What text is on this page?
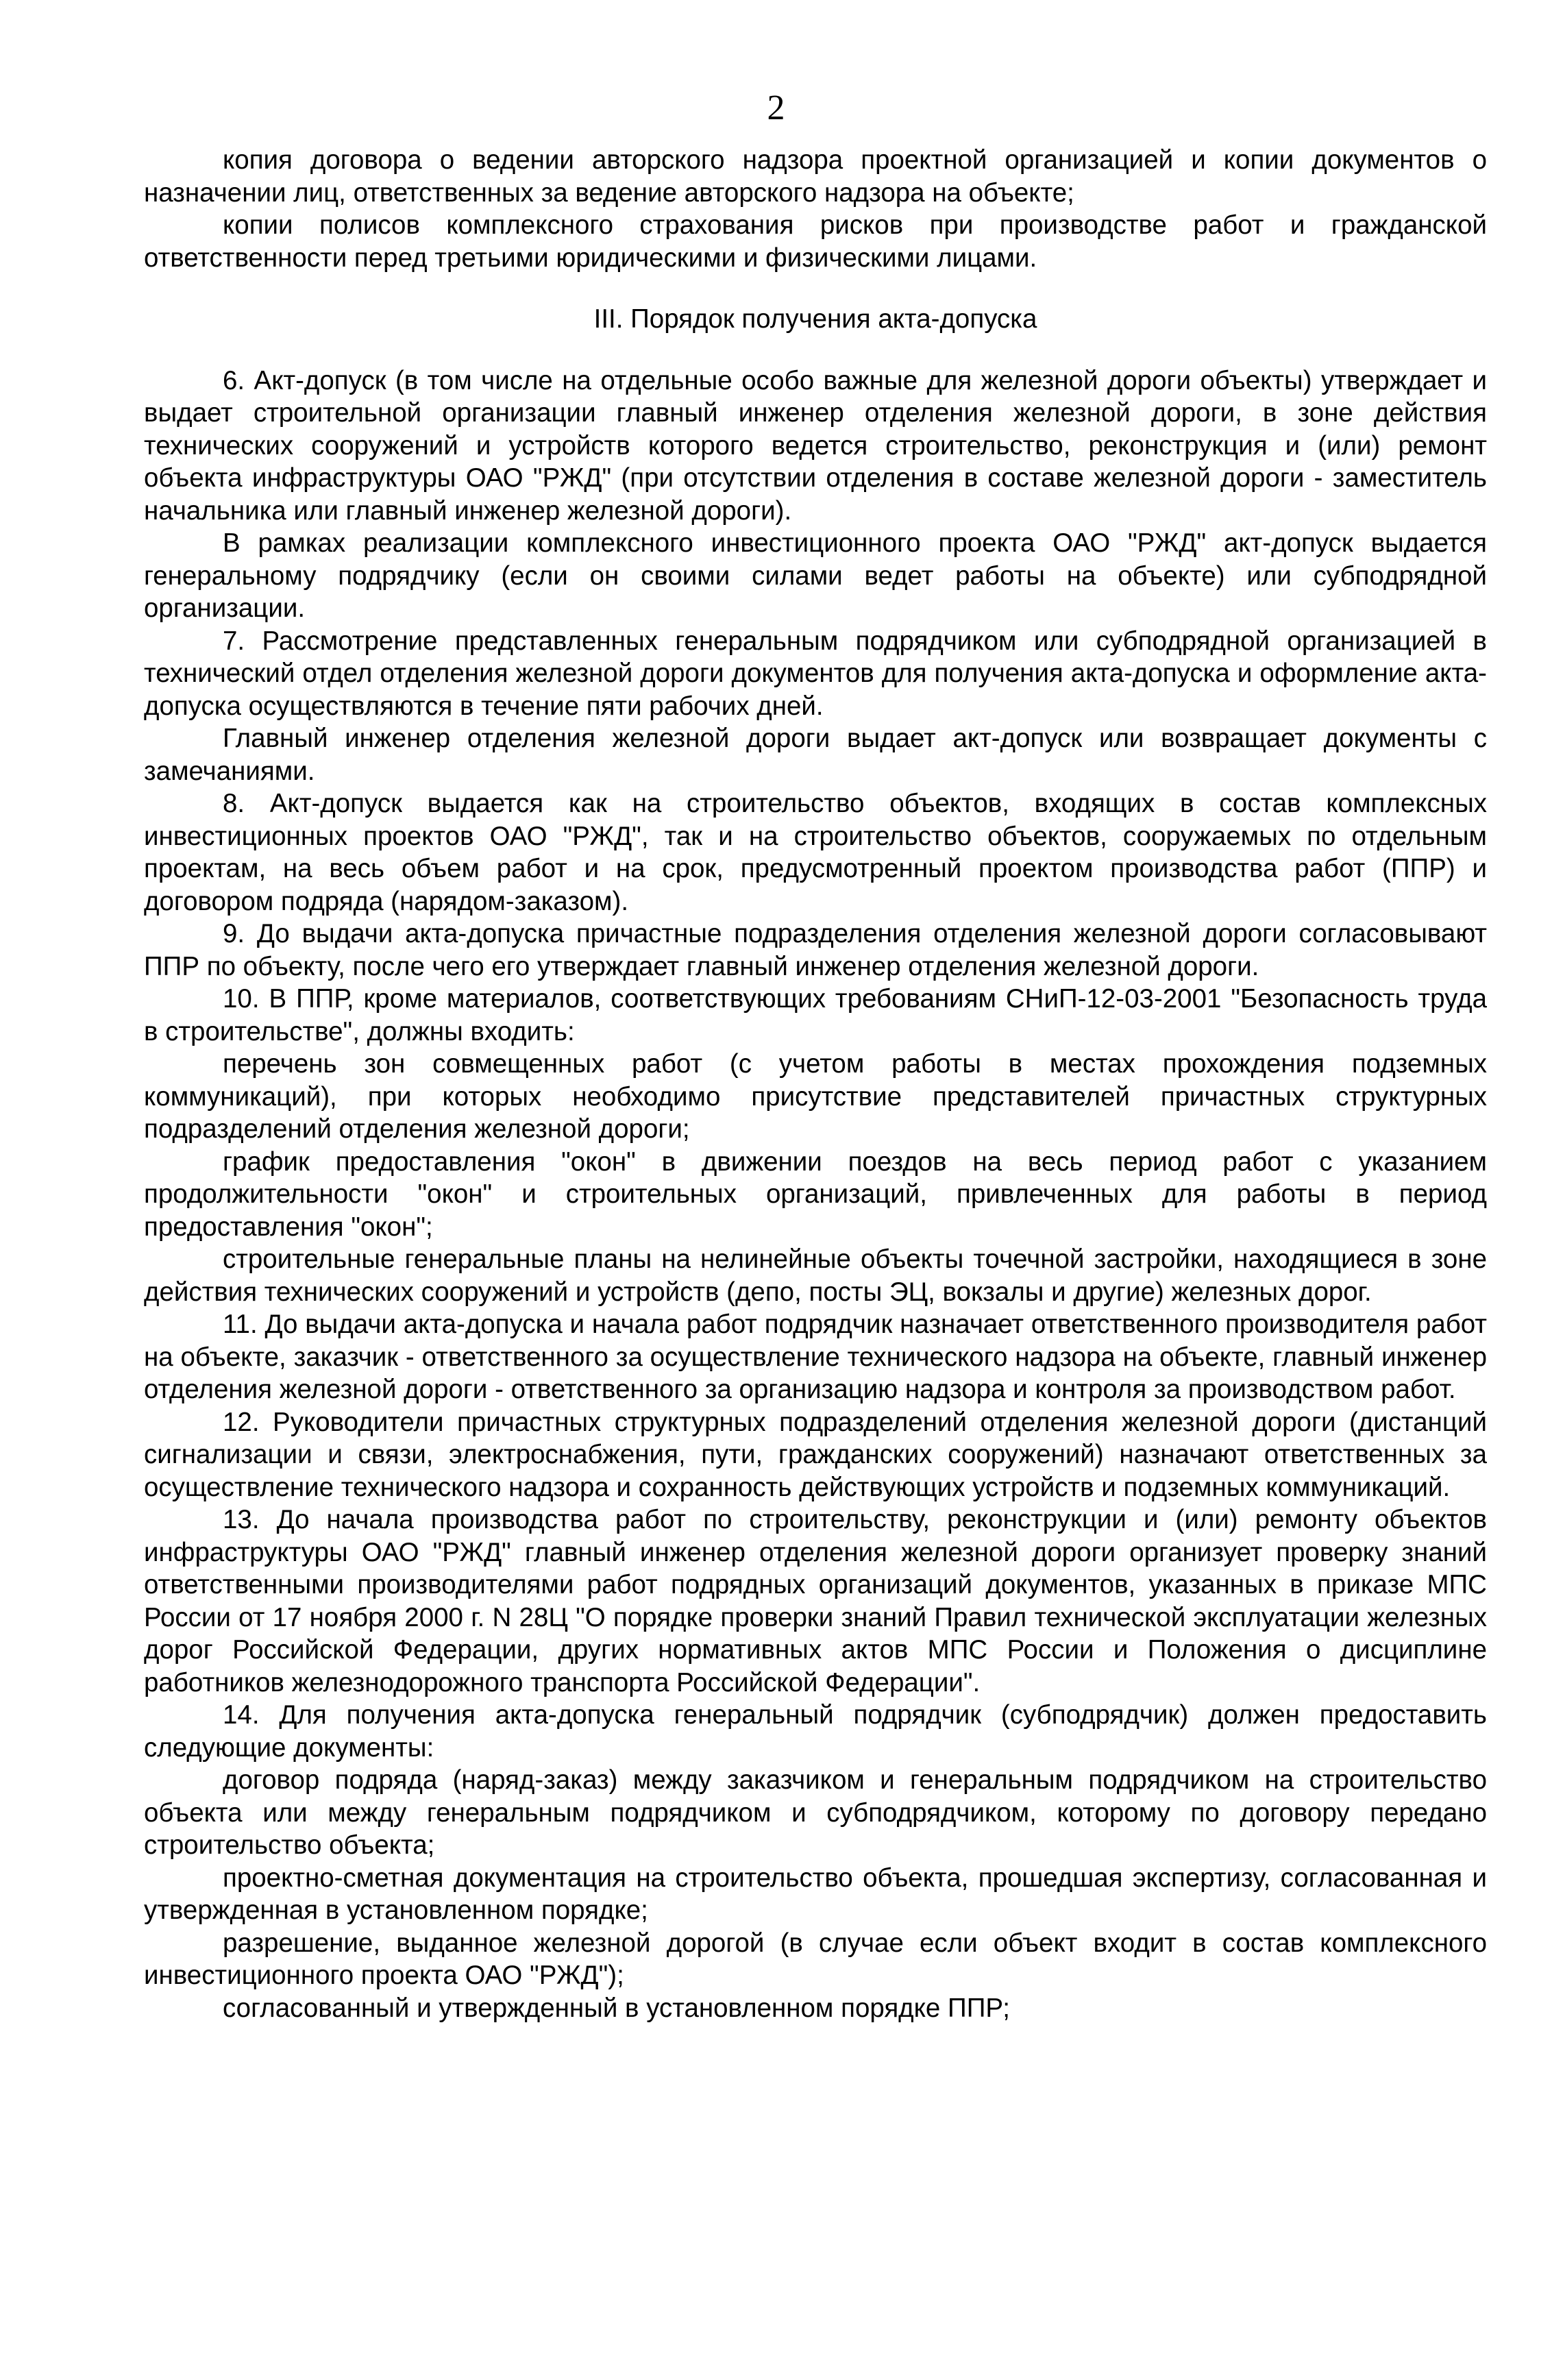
2

копия договора о ведении авторского надзора проектной организацией и копии документов о назначении лиц, ответственных за ведение авторского надзора на объекте;

копии полисов комплексного страхования рисков при производстве работ и гражданской ответственности перед третьими юридическими и физическими лицами.

III. Порядок получения акта-допуска

6. Акт-допуск (в том числе на отдельные особо важные для железной дороги объекты) утверждает и выдает строительной организации главный инженер отделения железной дороги, в зоне действия технических сооружений и устройств которого ведется строительство, реконструкция и (или) ремонт объекта инфраструктуры ОАО "РЖД" (при отсутствии отделения в составе железной дороги - заместитель начальника или главный инженер железной дороги).

В рамках реализации комплексного инвестиционного проекта ОАО "РЖД" акт-допуск выдается генеральному подрядчику (если он своими силами ведет работы на объекте) или субподрядной организации.

7. Рассмотрение представленных генеральным подрядчиком или субподрядной организацией в технический отдел отделения железной дороги документов для получения акта-допуска и оформление акта-допуска осуществляются в течение пяти рабочих дней.

Главный инженер отделения железной дороги выдает акт-допуск или возвращает документы с замечаниями.

8. Акт-допуск выдается как на строительство объектов, входящих в состав комплексных инвестиционных проектов ОАО "РЖД", так и на строительство объектов, сооружаемых по отдельным проектам, на весь объем работ и на срок, предусмотренный проектом производства работ (ППР) и договором подряда (нарядом-заказом).

9. До выдачи акта-допуска причастные подразделения отделения железной дороги согласовывают ППР по объекту, после чего его утверждает главный инженер отделения железной дороги.

10. В ППР, кроме материалов, соответствующих требованиям СНиП-12-03-2001 "Безопасность труда в строительстве", должны входить:

перечень зон совмещенных работ (с учетом работы в местах прохождения подземных коммуникаций), при которых необходимо присутствие представителей причастных структурных подразделений отделения железной дороги;

график предоставления "окон" в движении поездов на весь период работ с указанием продолжительности "окон" и строительных организаций, привлеченных для работы в период предоставления "окон";

строительные генеральные планы на нелинейные объекты точечной застройки, находящиеся в зоне действия технических сооружений и устройств (депо, посты ЭЦ, вокзалы и другие) железных дорог.

11. До выдачи акта-допуска и начала работ подрядчик назначает ответственного производителя работ на объекте, заказчик - ответственного за осуществление технического надзора на объекте, главный инженер отделения железной дороги - ответственного за организацию надзора и контроля за производством работ.

12. Руководители причастных структурных подразделений отделения железной дороги (дистанций сигнализации и связи, электроснабжения, пути, гражданских сооружений) назначают ответственных за осуществление технического надзора и сохранность действующих устройств и подземных коммуникаций.

13. До начала производства работ по строительству, реконструкции и (или) ремонту объектов инфраструктуры ОАО "РЖД" главный инженер отделения железной дороги организует проверку знаний ответственными производителями работ подрядных организаций документов, указанных в приказе МПС России от 17 ноября 2000 г. N 28Ц "О порядке проверки знаний Правил технической эксплуатации железных дорог Российской Федерации, других нормативных актов МПС России и Положения о дисциплине работников железнодорожного транспорта Российской Федерации".

14. Для получения акта-допуска генеральный подрядчик (субподрядчик) должен предоставить следующие документы:

договор подряда (наряд-заказ) между заказчиком и генеральным подрядчиком на строительство объекта или между генеральным подрядчиком и субподрядчиком, которому по договору передано строительство объекта;

проектно-сметная документация на строительство объекта, прошедшая экспертизу, согласованная и утвержденная в установленном порядке;

разрешение, выданное железной дорогой (в случае если объект входит в состав комплексного инвестиционного проекта ОАО "РЖД");

согласованный и утвержденный в установленном порядке ППР;
